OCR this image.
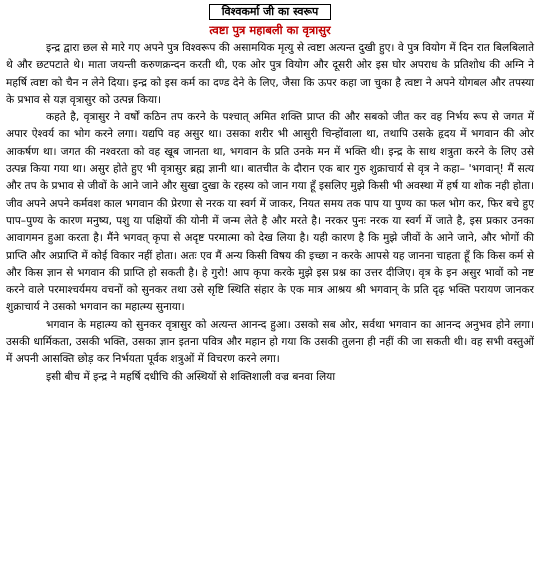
विश्वकर्मा जी का स्वरूप
त्वष्टा पुत्र महाबली का वृत्रासुर

इन्द्र द्वारा छल से मारे गए अपने पुत्र विश्वरूप की असामयिक मृत्यु से त्वष्टा अत्यन्त दुखी हुए। वे पुत्र वियोग में दिन रात बिलबिलाते थे और छटपटाते थे। माता जयन्ती करुणक्रन्दन करती थी, एक ओर पुत्र वियोग और दूसरी ओर इस घोर अपराध के प्रतिशोध की अग्नि ने महर्षि त्वष्टा को चैन न लेने दिया। इन्द्र को इस कर्म का दण्ड देने के लिए, जैसा कि ऊपर कहा जा चुका है त्वष्टा ने अपने योगबल और तपस्या के प्रभाव से यज्ञ वृत्रासुर को उत्पन्न किया।

कहते है, वृत्रासुर ने वर्षों कठिन तप करने के पश्चात् अमित शक्ति प्राप्त की और सबको जीत कर वह निर्भय रूप से जगत में अपार ऐश्वर्य का भोग करने लगा। यद्यपि वह असुर था। उसका शरीर भी आसुरी चिन्होंवाला था, तथापि उसके हृदय में भगवान की ओर आकर्षण था। जगत की नश्वरता को वह खूब जानता था, भगवान के प्रति उनके मन में भक्ति थी। इन्द्र के साथ शत्रुता करने के लिए उसे उत्पन्न किया गया था। असुर होते हुए भी वृत्रासुर ब्रह्म ज्ञानी था। बातचीत के दौरान एक बार गुरु शुक्राचार्य से वृत्र ने कहा– 'भगवान्! मैं सत्य और तप के प्रभाव से जीवों के आने जाने और सुखा दुखा के रहस्य को जान गया हूँ इसलिए मुझे किसी भी अवस्था में हर्ष या शोक नही होता। जीव अपने अपने कर्मवश काल भगवान की प्रेरणा से नरक या स्वर्ग में जाकर, नियत समय तक पाप या पुण्य का फल भोग कर, फिर बचे हुए पाप–पुण्य के कारण मनुष्य, पशु या पक्षियों की योनी में जन्म लेते है और मरते है। नरकर पुनः नरक या स्वर्ग में जाते है, इस प्रकार उनका आवागमन हुआ करता है। मैंने भगवत् कृपा से अदृष्ट परमात्मा को देख लिया है। यही कारण है कि मुझे जीवों के आने जाने, और भोगों की प्राप्ति और अप्राप्ति में कोई विकार नहीं होता। अतः एव मैं अन्य किसी विषय की इच्छा न करके आपसे यह जानना चाहता हूँ कि किस कर्म से और किस ज्ञान से भगवान की प्राप्ति हो सकती है। हे गुरो! आप कृपा करके मुझे इस प्रश्न का उत्तर दीजिए। वृत्र के इन असुर भावों को नष्ट करने वाले परमाश्चर्यमय वचनों को सुनकर तथा उसे सृष्टि स्थिति संहार के एक मात्र आश्रय श्री भगवान् के प्रति दृढ़ भक्ति परायण जानकर शुक्राचार्य ने उसको भगवान का महात्म्य सुनाया।

भगवान के महात्म्य को सुनकर वृत्रासुर को अत्यन्त आनन्द हुआ। उसको सब ओर, सर्वथा भगवान का आनन्द अनुभव होने लगा। उसकी धार्मिकता, उसकी भक्ति, उसका ज्ञान इतना पवित्र और महान हो गया कि उसकी तुलना ही नहीं की जा सकती थी। वह सभी वस्तुओं में अपनी आसक्ति छोड़ कर निर्भयता पूर्वक शत्रुओं में विचरण करने लगा।

इसी बीच में इन्द्र ने महर्षि दधीचि की अस्थियों से शक्तिशाली वज्र बनवा लिया
